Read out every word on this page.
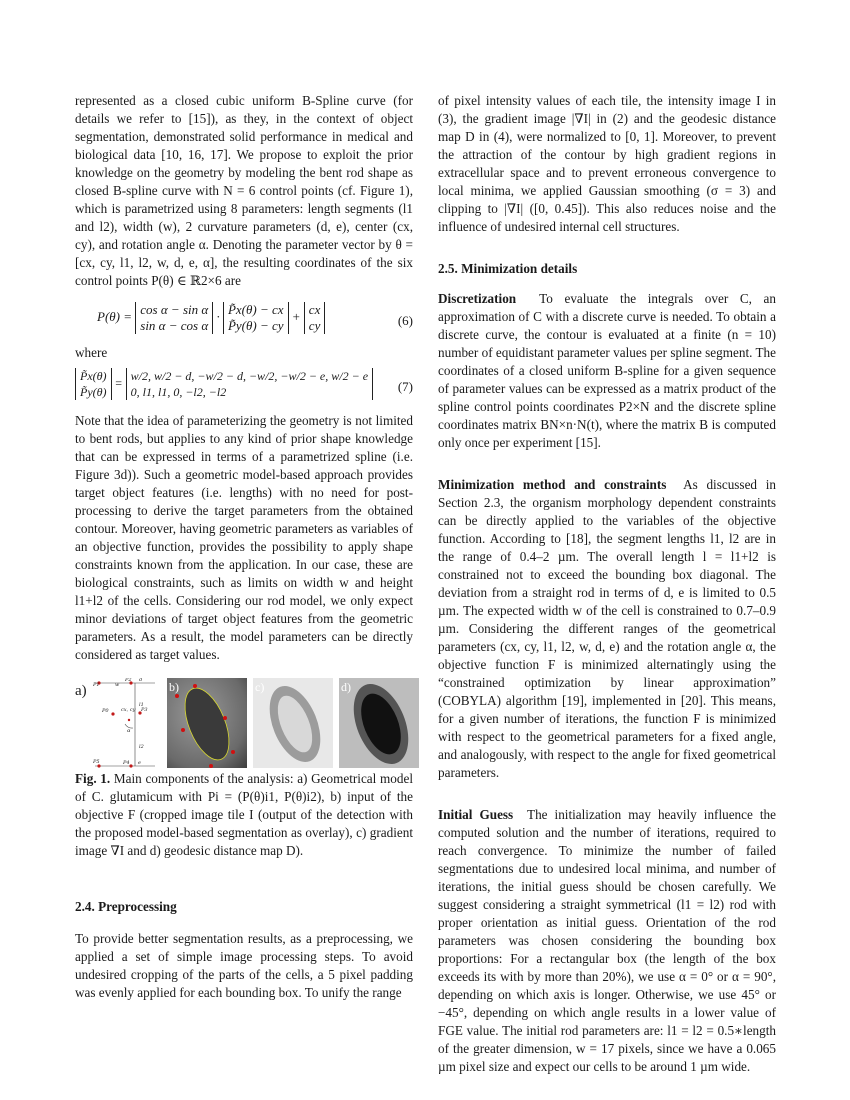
represented as a closed cubic uniform B-Spline curve (for details we refer to [15]), as they, in the context of object segmentation, demonstrated solid performance in medical and biological data [10, 16, 17]. We propose to exploit the prior knowledge on the geometry by modeling the bent rod shape as closed B-spline curve with N = 6 control points (cf. Figure 1), which is parametrized using 8 parameters: length segments (l1 and l2), width (w), 2 curvature parameters (d, e), center (cx, cy), and rotation angle α. Denoting the parameter vector by θ = [cx, cy, l1, l2, w, d, e, α], the resulting coordinates of the six control points P(θ) ∈ ℝ2×6 are

P(θ) = cos α − sin α
sin α − cos α
· P̃x(θ) − cx
P̃y(θ) − cy
+ cx
cy	(6)

where

P̃x(θ)
P̃y(θ)
= w/2, w/2 − d, −w/2 − d, −w/2, −w/2 − e, w/2 − e
0, l1, l1, 0, −l2, −l2	(7)

Note that the idea of parameterizing the geometry is not limited to bent rods, but applies to any kind of prior shape knowledge that can be expressed in terms of a parametrized spline (i.e. Figure 3d)). Such a geometric model-based approach provides target object features (i.e. lengths) with no need for post-processing to derive the target parameters from the obtained contour. Moreover, having geometric parameters as variables of an objective function, provides the possibility to apply shape constraints known from the application. In our case, these are biological constraints, such as limits on width w and height l1+l2 of the cells. Considering our rod model, we only expect minor deviations of target object features from the geometric parameters. As a result, the model parameters can be directly considered as target values.

a) P1	w
P2 d
P3
cx, cy
P0
l1
α
l2
P5	P4 e
b)	c)	d)

Fig. 1. Main components of the analysis: a) Geometrical model of C. glutamicum with Pi = (P(θ)i1, P(θ)i2), b) input of the objective F (cropped image tile I (output of the detection with the proposed model-based segmentation as overlay), c) gradient image ∇I and d) geodesic distance map D).

2.4. Preprocessing

To provide better segmentation results, as a preprocessing, we applied a set of simple image processing steps. To avoid undesired cropping of the parts of the cells, a 5 pixel padding was evenly applied for each bounding box. To unify the range

of pixel intensity values of each tile, the intensity image I in (3), the gradient image |∇I| in (2) and the geodesic distance map D in (4), were normalized to [0, 1]. Moreover, to prevent the attraction of the contour by high gradient regions in extracellular space and to prevent erroneous convergence to local minima, we applied Gaussian smoothing (σ = 3) and clipping to |∇I| ([0, 0.45]). This also reduces noise and the influence of undesired internal cell structures.

2.5. Minimization details

Discretization To evaluate the integrals over C, an approximation of C with a discrete curve is needed. To obtain a discrete curve, the contour is evaluated at a finite (n = 10) number of equidistant parameter values per spline segment. The coordinates of a closed uniform B-spline for a given sequence of parameter values can be expressed as a matrix product of the spline control points coordinates P2×N and the discrete spline coordinates matrix BN×n·N(t), where the matrix B is computed only once per experiment [15].

Minimization method and constraints As discussed in Section 2.3, the organism morphology dependent constraints can be directly applied to the variables of the objective function. According to [18], the segment lengths l1, l2 are in the range of 0.4–2 µm. The overall length l = l1+l2 is constrained not to exceed the bounding box diagonal. The deviation from a straight rod in terms of d, e is limited to 0.5 µm. The expected width w of the cell is constrained to 0.7–0.9 µm. Considering the different ranges of the geometrical parameters (cx, cy, l1, l2, w, d, e) and the rotation angle α, the objective function F is minimized alternatingly using the “constrained optimization by linear approximation” (COBYLA) algorithm [19], implemented in [20]. This means, for a given number of iterations, the function F is minimized with respect to the geometrical parameters for a fixed angle, and analogously, with respect to the angle for fixed geometrical parameters.

Initial Guess The initialization may heavily influence the computed solution and the number of iterations, required to reach convergence. To minimize the number of failed segmentations due to undesired local minima, and number of iterations, the initial guess should be chosen carefully. We suggest considering a straight symmetrical (l1 = l2) rod with proper orientation as initial guess. Orientation of the rod parameters was chosen considering the bounding box proportions: For a rectangular box (the length of the box exceeds its with by more than 20%), we use α = 0° or α = 90°, depending on which axis is longer. Otherwise, we use 45° or −45°, depending on which angle results in a lower value of FGE value. The initial rod parameters are: l1 = l2 = 0.5∗length of the greater dimension, w = 17 pixels, since we have a 0.065 µm pixel size and expect our cells to be around 1 µm wide.
